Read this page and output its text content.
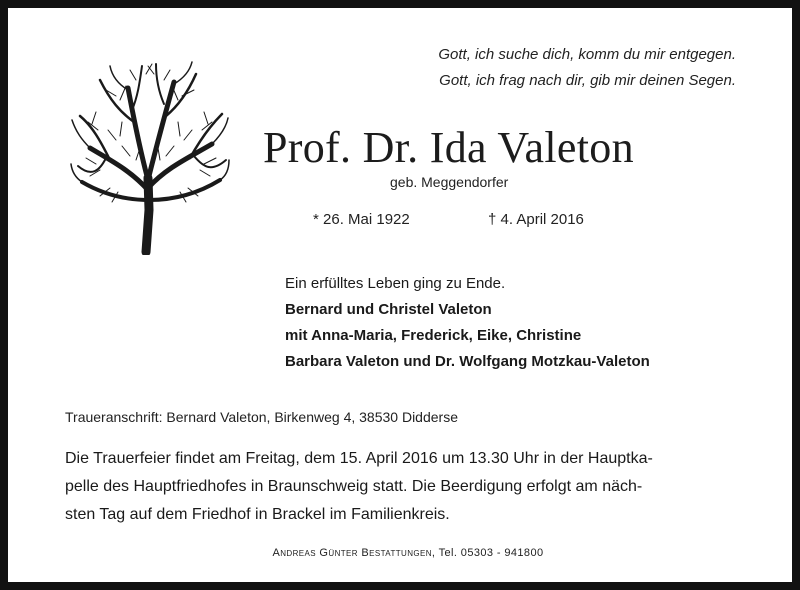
Gott, ich suche dich, komm du mir entgegen.
Gott, ich frag nach dir, gib mir deinen Segen.
Prof. Dr. Ida Valeton
geb. Meggendorfer
* 26. Mai 1922	† 4. April 2016
Ein erfülltes Leben ging zu Ende.
Bernard und Christel Valeton
mit Anna-Maria, Frederick, Eike, Christine
Barbara Valeton und Dr. Wolfgang Motzkau-Valeton
Traueranschrift: Bernard Valeton, Birkenweg 4, 38530 Didderse
Die Trauerfeier findet am Freitag, dem 15. April 2016 um 13.30 Uhr in der Hauptka-
pelle des Hauptfriedhofes in Braunschweig statt. Die Beerdigung erfolgt am näch-
sten Tag auf dem Friedhof in Brackel im Familienkreis.
Andreas Günter Bestattungen, Tel. 05303 - 941800
